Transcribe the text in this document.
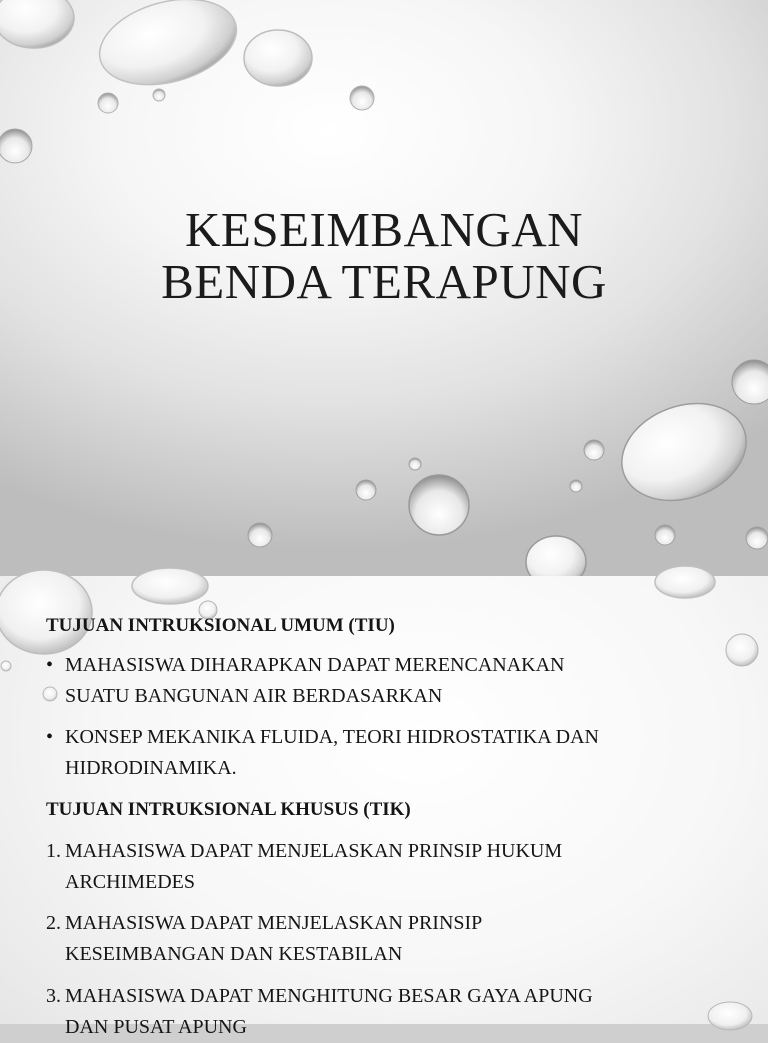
KESEIMBANGAN
BENDA TERAPUNG
TUJUAN INTRUKSIONAL UMUM (TIU)
• MAHASISWA DIHARAPKAN DAPAT MERENCANAKAN
SUATU BANGUNAN AIR BERDASARKAN
• KONSEP MEKANIKA FLUIDA, TEORI HIDROSTATIKA DAN
HIDRODINAMIKA.
TUJUAN INTRUKSIONAL KHUSUS (TIK)
1. MAHASISWA DAPAT MENJELASKAN PRINSIP HUKUM
ARCHIMEDES
2. MAHASISWA DAPAT MENJELASKAN PRINSIP
KESEIMBANGAN DAN KESTABILAN
3. MAHASISWA DAPAT MENGHITUNG BESAR GAYA APUNG
DAN PUSAT APUNG
